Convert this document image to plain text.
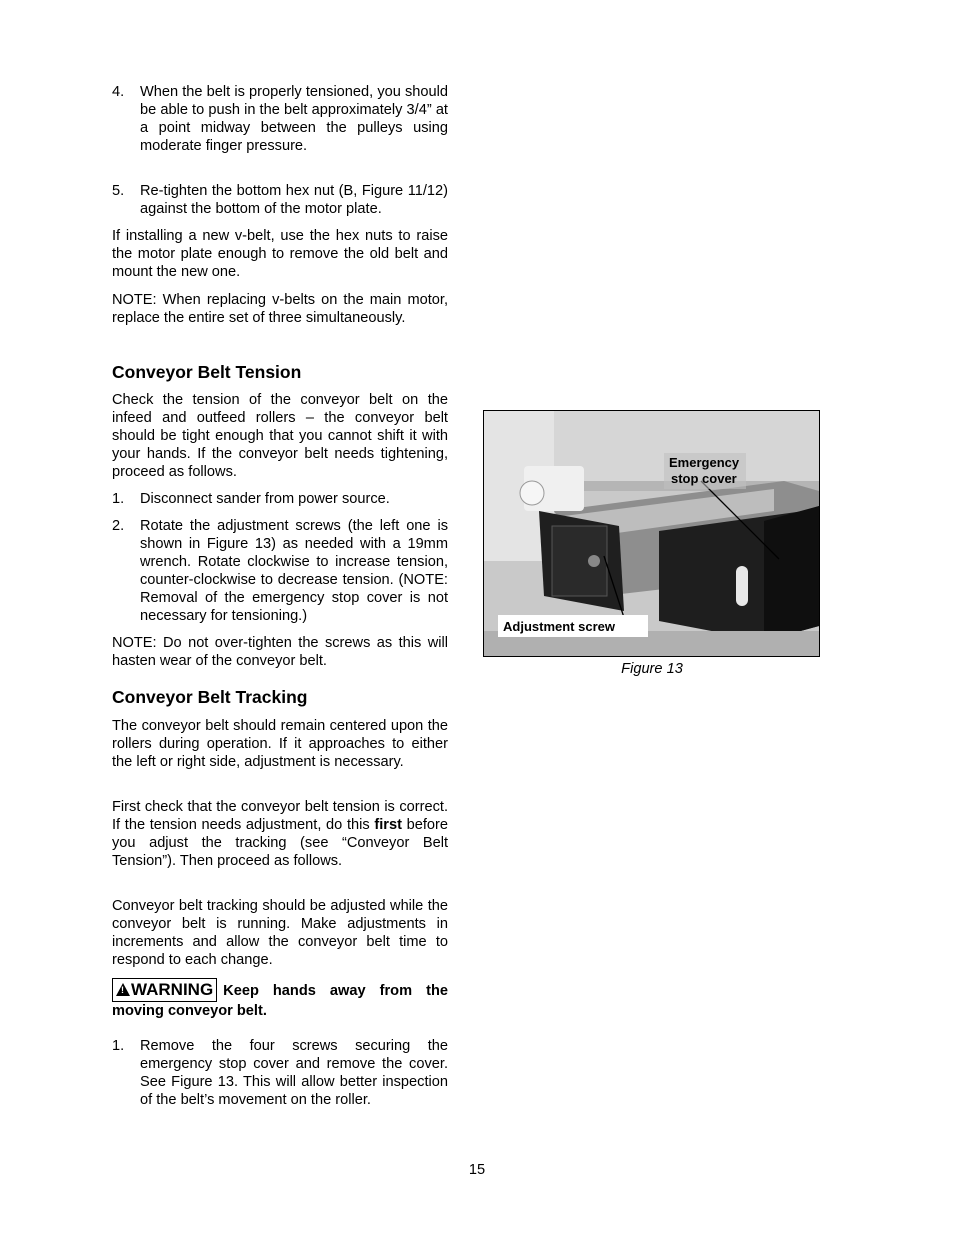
4.	When the belt is properly tensioned, you should be able to push in the belt approximately 3/4” at a point midway between the pulleys using moderate finger pressure.
5.	Re-tighten the bottom hex nut (B, Figure 11/12) against the bottom of the motor plate.
If installing a new v-belt, use the hex nuts to raise the motor plate enough to remove the old belt and mount the new one.
NOTE: When replacing v-belts on the main motor, replace the entire set of three simultaneously.
Conveyor Belt Tension
Check the tension of the conveyor belt on the infeed and outfeed rollers – the conveyor belt should be tight enough that you cannot shift it with your hands. If the conveyor belt needs tightening, proceed as follows.
1.	Disconnect sander from power source.
2.	Rotate the adjustment screws (the left one is shown in Figure 13) as needed with a 19mm wrench. Rotate clockwise to increase tension, counter-clockwise to decrease tension. (NOTE: Removal of the emergency stop cover is not necessary for tensioning.)
NOTE: Do not over-tighten the screws as this will hasten wear of the conveyor belt.
Conveyor Belt Tracking
The conveyor belt should remain centered upon the rollers during operation. If it approaches to either the left or right side, adjustment is necessary.
First check that the conveyor belt tension is correct. If the tension needs adjustment, do this first before you adjust the tracking (see “Conveyor Belt Tension”). Then proceed as follows.
Conveyor belt tracking should be adjusted while the conveyor belt is running. Make adjustments in increments and allow the conveyor belt time to respond to each change.
!WARNING Keep hands away from the moving conveyor belt.
1.	Remove the four screws securing the emergency stop cover and remove the cover. See Figure 13. This will allow better inspection of the belt’s movement on the roller.
Emergency
stop cover
Adjustment screw
Figure 13
15
